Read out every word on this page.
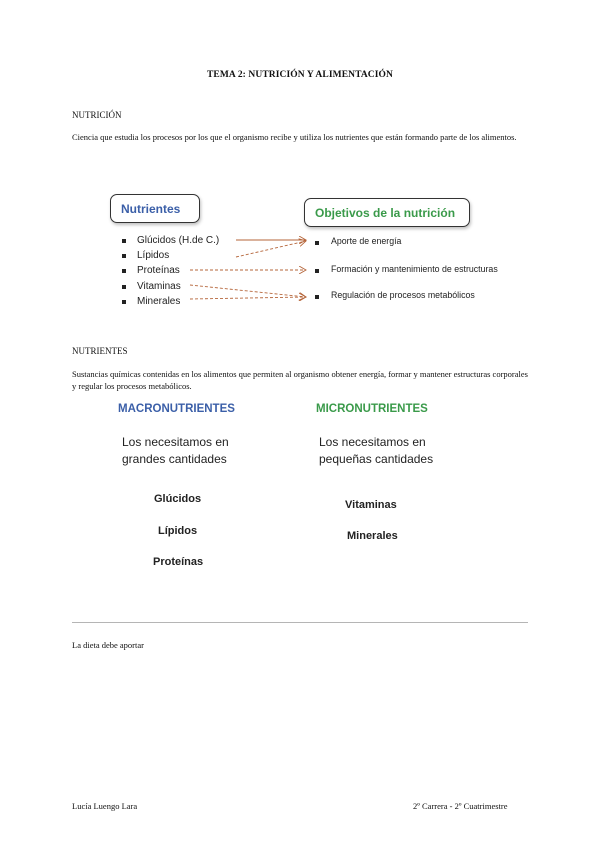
TEMA 2: NUTRICIÓN Y ALIMENTACIÓN
NUTRICIÓN
Ciencia que estudia los procesos por los que el organismo recibe y utiliza los nutrientes que están formando parte de los alimentos.
Nutrientes	Objetivos de la nutrición
Glúcidos (H.de C.)
Lípidos
Proteínas
Vitaminas
Minerales
Aporte de energía
Formación y mantenimiento de estructuras
Regulación de procesos metabólicos
NUTRIENTES
Sustancias químicas contenidas en los alimentos que permiten al organismo obtener energía, formar y mantener estructuras corporales y regular los procesos metabólicos.
MACRONUTRIENTES	MICRONUTRIENTES
Los necesitamos en grandes cantidades
Los necesitamos en pequeñas cantidades
Glúcidos
Lípidos
Proteínas
Vitaminas
Minerales
La dieta debe aportar
Lucía Luengo Lara	2º Carrera - 2º Cuatrimestre
